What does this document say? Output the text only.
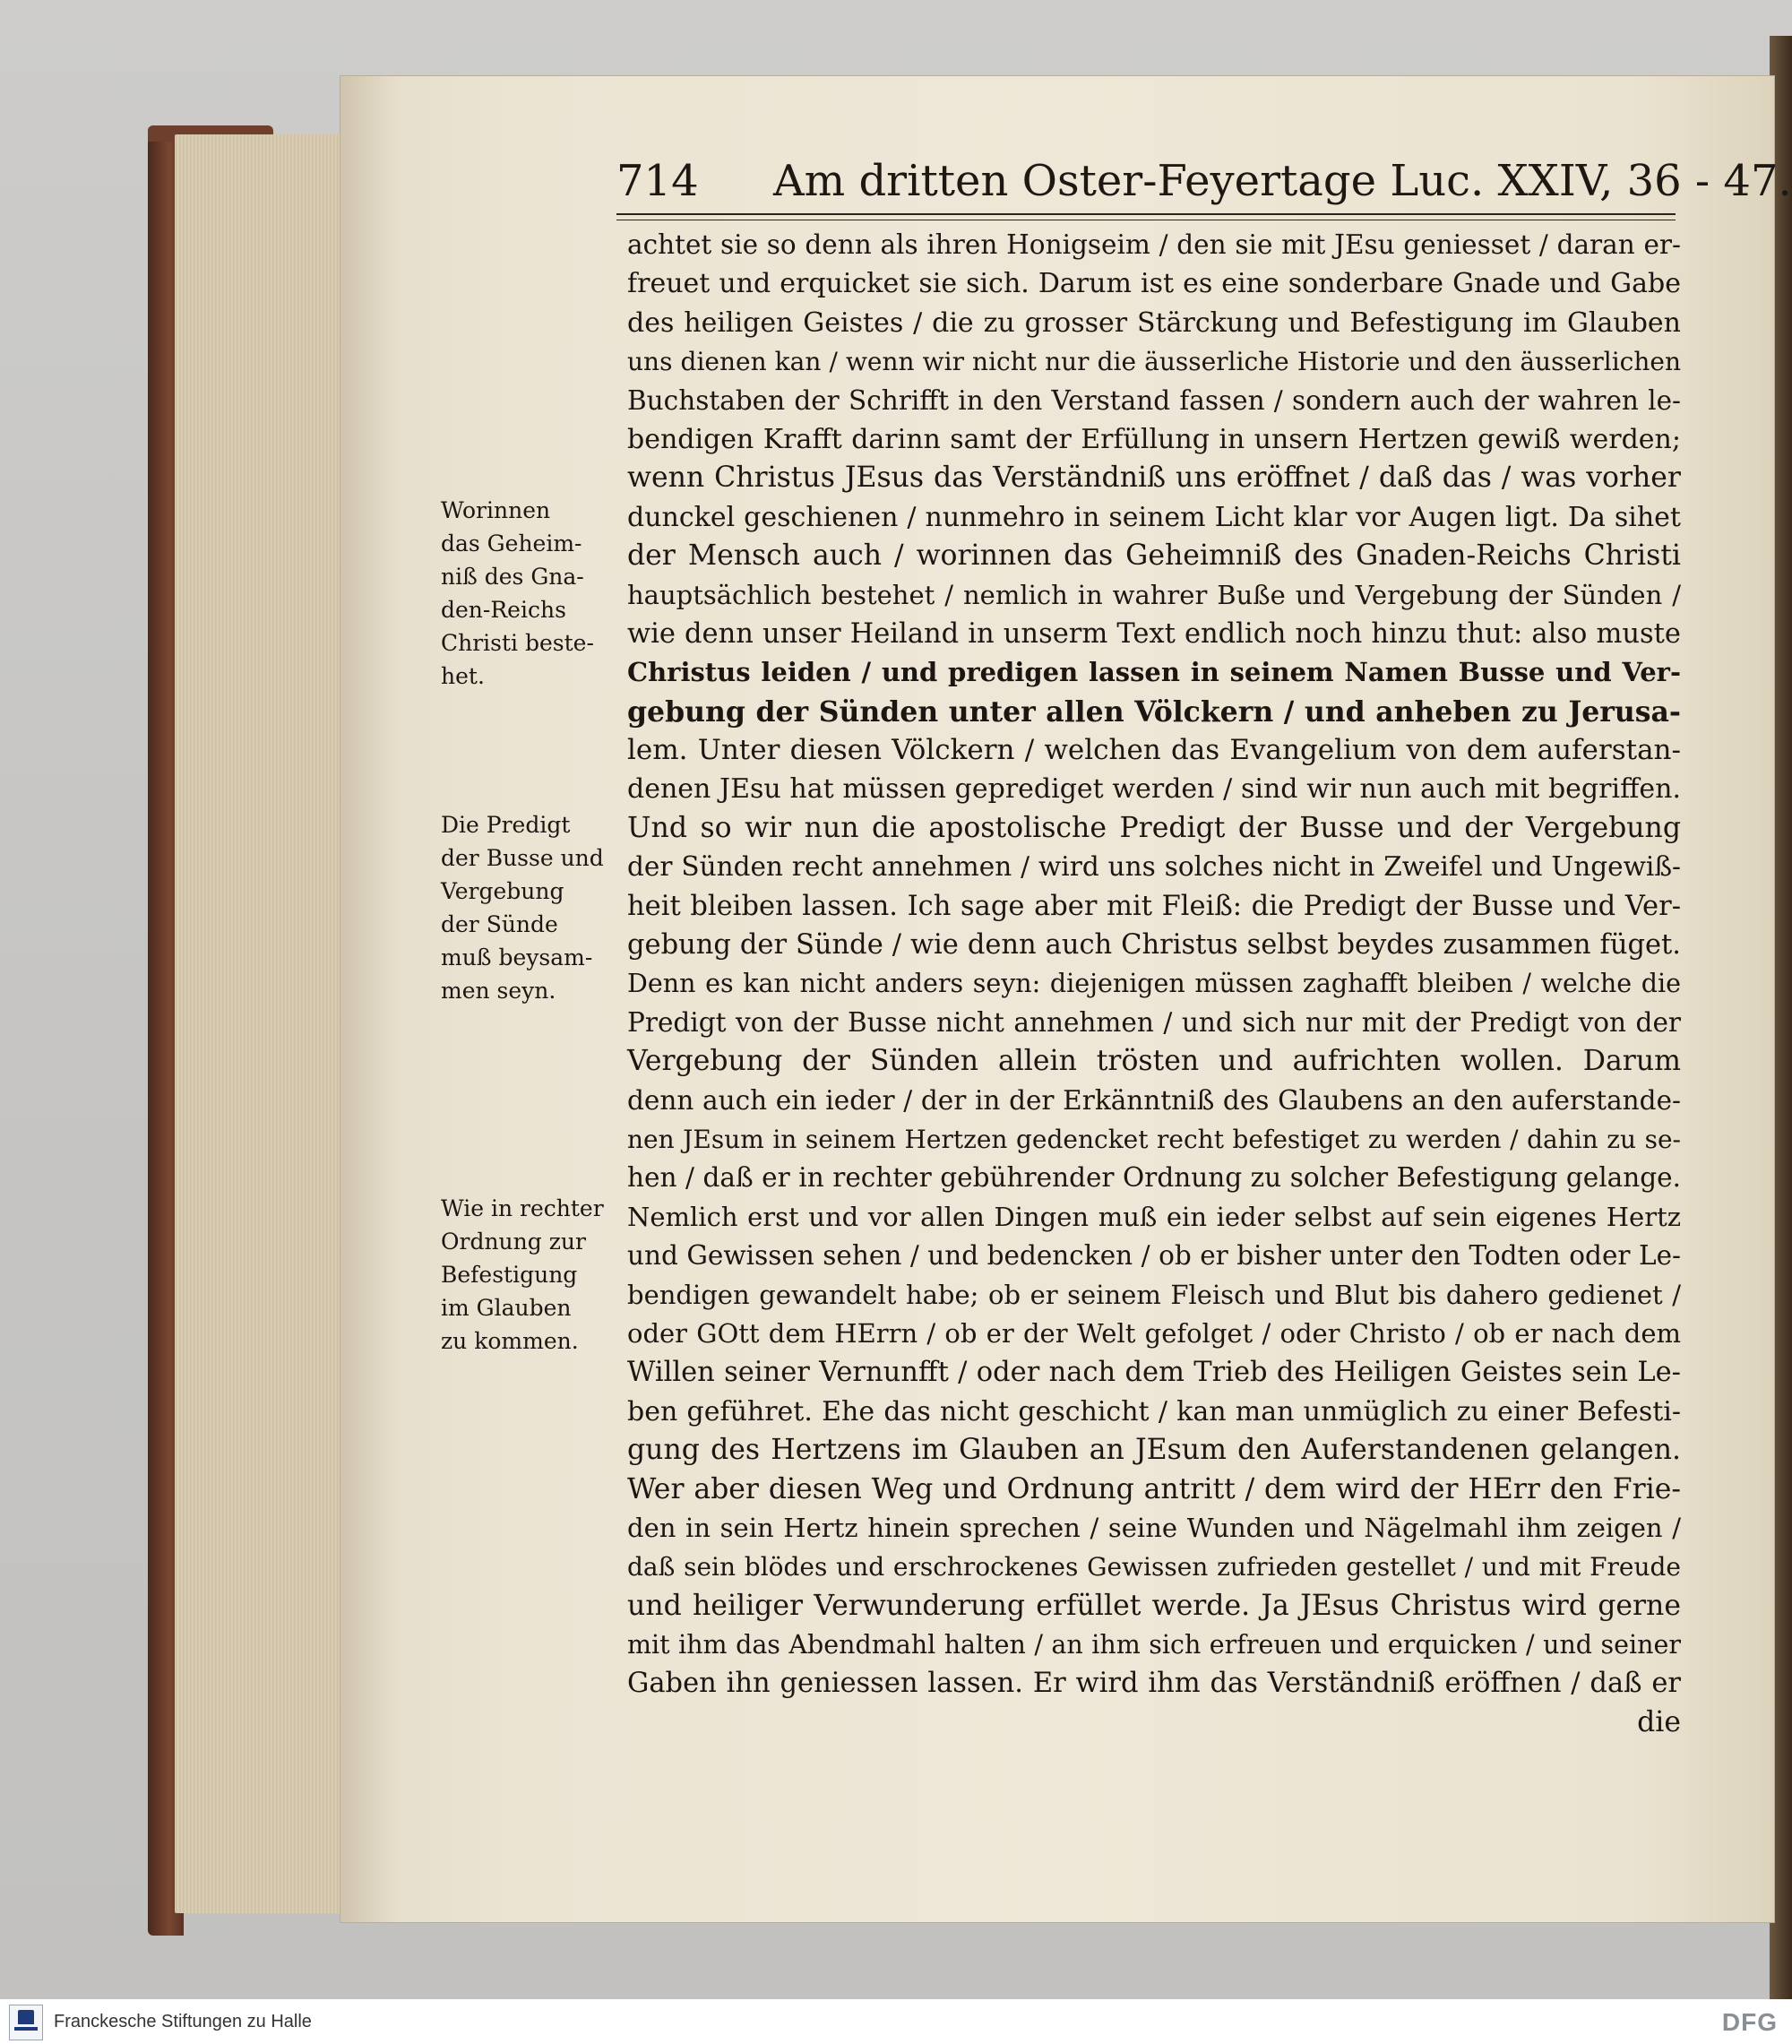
714 Am dritten Oster-Feyertage Luc. XXIV, 36 - 47.
Worinnen
das Geheim-
niß des Gna-
den-Reichs
Christi beste-
het.
Die Predigt
der Busse und
Vergebung
der Sünde
muß beysam-
men seyn.
Wie in rechter
Ordnung zur
Befestigung
im Glauben
zu kommen.
achtet sie so denn als ihren Honigseim / den sie mit JEsu geniesset / daran er-
freuet und erquicket sie sich. Darum ist es eine sonderbare Gnade und Gabe
des heiligen Geistes / die zu grosser Stärckung und Befestigung im Glauben
uns dienen kan / wenn wir nicht nur die äusserliche Historie und den äusserlichen
Buchstaben der Schrifft in den Verstand fassen / sondern auch der wahren le-
bendigen Krafft darinn samt der Erfüllung in unsern Hertzen gewiß werden;
wenn Christus JEsus das Verständniß uns eröffnet / daß das / was vorher
dunckel geschienen / nunmehro in seinem Licht klar vor Augen ligt. Da sihet
der Mensch auch / worinnen das Geheimniß des Gnaden-Reichs Christi
hauptsächlich bestehet / nemlich in wahrer Buße und Vergebung der Sünden /
wie denn unser Heiland in unserm Text endlich noch hinzu thut: also muste
Christus leiden / und predigen lassen in seinem Namen Busse und Ver-
gebung der Sünden unter allen Völckern / und anheben zu Jerusa-
lem. Unter diesen Völckern / welchen das Evangelium von dem auferstan-
denen JEsu hat müssen geprediget werden / sind wir nun auch mit begriffen.
Und so wir nun die apostolische Predigt der Busse und der Vergebung
der Sünden recht annehmen / wird uns solches nicht in Zweifel und Ungewiß-
heit bleiben lassen. Ich sage aber mit Fleiß: die Predigt der Busse und Ver-
gebung der Sünde / wie denn auch Christus selbst beydes zusammen füget.
Denn es kan nicht anders seyn: diejenigen müssen zaghafft bleiben / welche die
Predigt von der Busse nicht annehmen / und sich nur mit der Predigt von der
Vergebung der Sünden allein trösten und aufrichten wollen. Darum
denn auch ein ieder / der in der Erkänntniß des Glaubens an den auferstande-
nen JEsum in seinem Hertzen gedencket recht befestiget zu werden / dahin zu se-
hen / daß er in rechter gebührender Ordnung zu solcher Befestigung gelange.
Nemlich erst und vor allen Dingen muß ein ieder selbst auf sein eigenes Hertz
und Gewissen sehen / und bedencken / ob er bisher unter den Todten oder Le-
bendigen gewandelt habe; ob er seinem Fleisch und Blut bis dahero gedienet /
oder GOtt dem HErrn / ob er der Welt gefolget / oder Christo / ob er nach dem
Willen seiner Vernunfft / oder nach dem Trieb des Heiligen Geistes sein Le-
ben geführet. Ehe das nicht geschicht / kan man unmüglich zu einer Befesti-
gung des Hertzens im Glauben an JEsum den Auferstandenen gelangen.
Wer aber diesen Weg und Ordnung antritt / dem wird der HErr den Frie-
den in sein Hertz hinein sprechen / seine Wunden und Nägelmahl ihm zeigen /
daß sein blödes und erschrockenes Gewissen zufrieden gestellet / und mit Freude
und heiliger Verwunderung erfüllet werde. Ja JEsus Christus wird gerne
mit ihm das Abendmahl halten / an ihm sich erfreuen und erquicken / und seiner
Gaben ihn geniessen lassen. Er wird ihm das Verständniß eröffnen / daß er
die
Franckesche Stiftungen zu Halle	DFG
